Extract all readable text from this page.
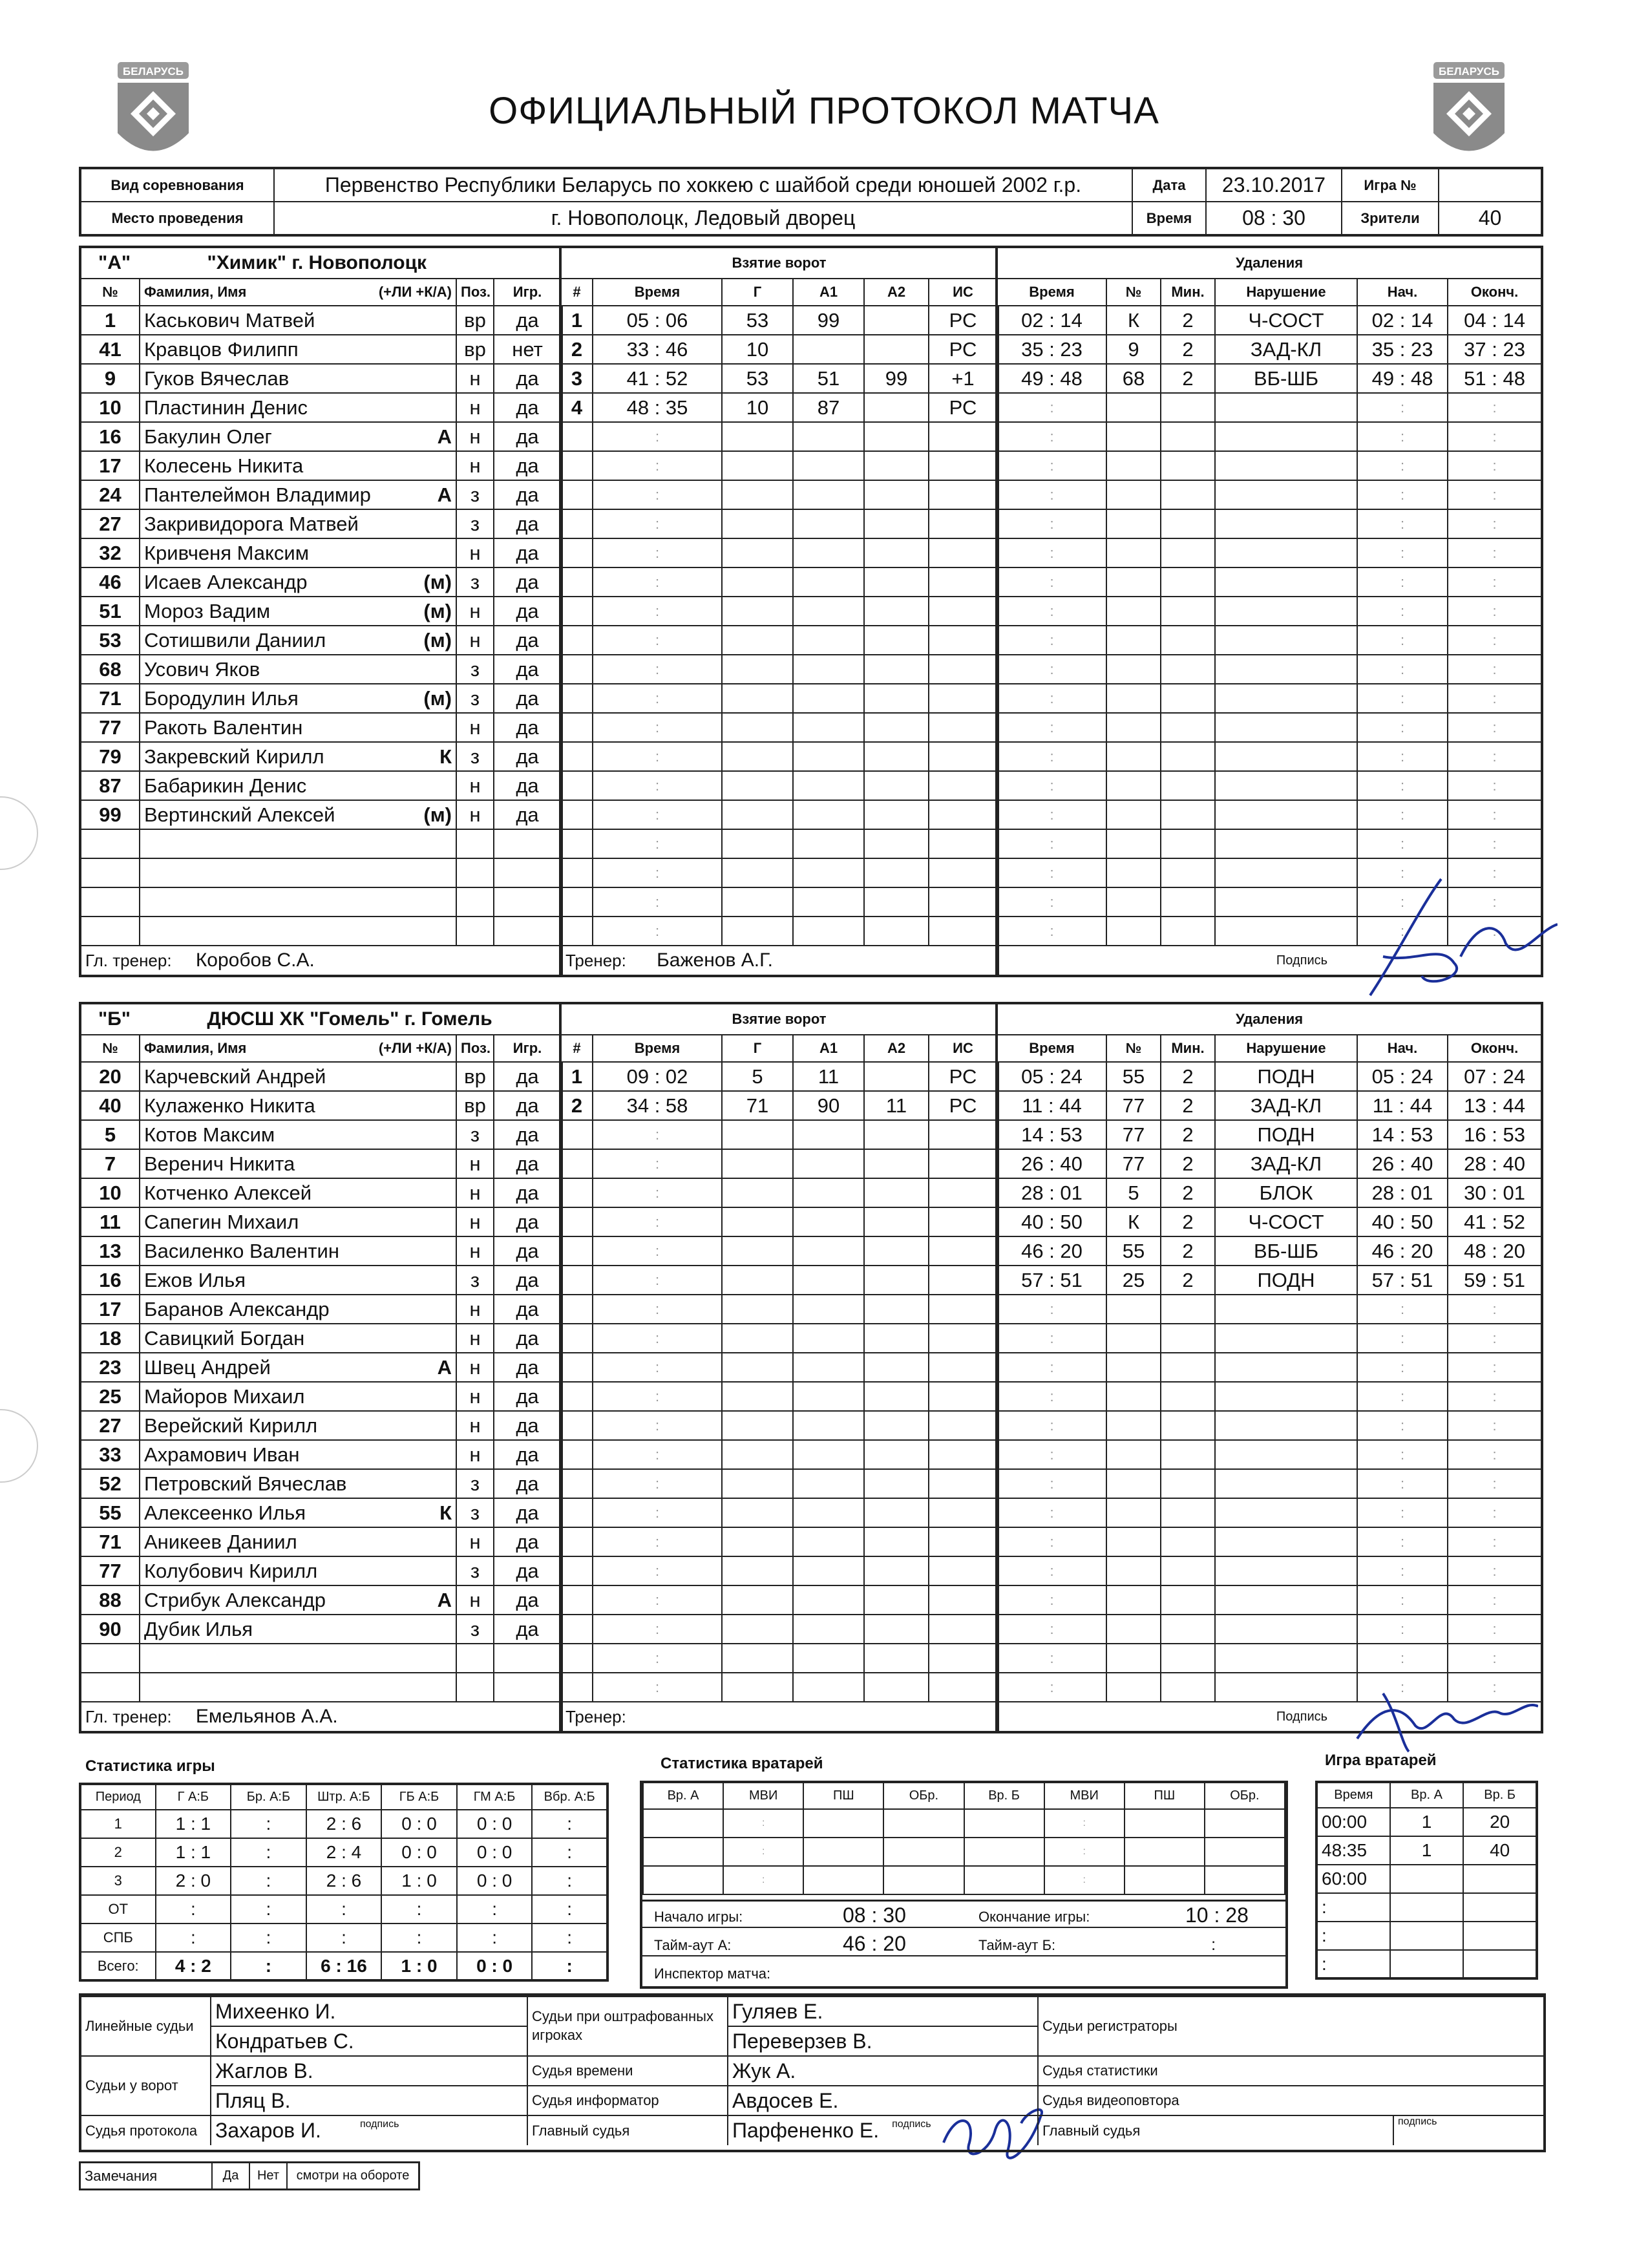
ОФИЦИАЛЬНЫЙ ПРОТОКОЛ МАТЧА
БЕЛАРУСЬ	БЕЛАРУСЬ
Вид соревнования	Первенство Республики Беларусь по хоккею с шайбой среди юношей 2002 г.р.	Дата	23.10.2017	Игра №	
Место проведения	г. Новополоцк, Ледовый дворец	Время	08 : 30	Зрители	40
"А" "Химик" г. Новополоцк			
№	Фамилия, Имя (+ЛИ +К/А)	Поз.	Игр.
1	Каськович Матвей	вр	да
41	Кравцов Филипп	вр	нет
9	Гуков Вячеслав	н	да
10	Пластинин Денис	н	да
16	Бакулин Олег А	н	да
17	Колесень Никита	н	да
24	Пантелеймон Владимир А	з	да
27	Закривидорога Матвей	з	да
32	Кривченя Максим	н	да
46	Исаев Александр (м)	з	да
51	Мороз Вадим (м)	н	да
53	Сотишвили Даниил (м)	н	да
68	Усович Яков	з	да
71	Бородулин Илья (м)	з	да
77	Ракоть Валентин	н	да
79	Закревский Кирилл К	з	да
87	Бабарикин Денис	н	да
99	Вертинский Алексей (м)	н	да

Гл. тренер: Коробов С.А.			
Взятие ворот					
#	Время	Г	А1	А2	ИС
1	05 : 06	53	99		РС
2	33 : 46	10			РС
3	41 : 52	53	51	99	+1
4	48 : 35	10	87		РС
	:				
	:				
	:				
	:				
	:				
	:				
	:				
	:				
	:				
	:				
	:				
	:				
	:				
	:				
	:				
	:				
	:				
	:				
Тренер: Баженов А.Г.					
Удаления					
Время	№	Мин.	Нарушение	Нач.	Оконч.
02 : 14	К	2	Ч-СОСТ	02 : 14	04 : 14
35 : 23	9	2	ЗАД-КЛ	35 : 23	37 : 23
49 : 48	68	2	ВБ-ШБ	49 : 48	51 : 48
:				:	:
:				:	:
:				:	:
:				:	:
:				:	:
:				:	:
:				:	:
:				:	:
:				:	:
:				:	:
:				:	:
:				:	:
:				:	:
:				:	:
:				:	:
:				:	:
:				:	:
:				:	:
:				:	:
Подпись					
"Б" ДЮСШ ХК "Гомель" г. Гомель			
№	Фамилия, Имя (+ЛИ +К/А)	Поз.	Игр.
20	Карчевский Андрей	вр	да
40	Кулаженко Никита	вр	да
5	Котов Максим	з	да
7	Веренич Никита	н	да
10	Котченко Алексей	н	да
11	Сапегин Михаил	н	да
13	Василенко Валентин	н	да
16	Ежов Илья	з	да
17	Баранов Александр	н	да
18	Савицкий Богдан	н	да
23	Швец Андрей А	н	да
25	Майоров Михаил	н	да
27	Верейский Кирилл	н	да
33	Ахрамович Иван	н	да
52	Петровский Вячеслав	з	да
55	Алексеенко Илья К	з	да
71	Аникеев Даниил	н	да
77	Колубович Кирилл	з	да
88	Стрибук Александр А	н	да
90	Дубик Илья	з	да

Гл. тренер: Емельянов А.А.			
Взятие ворот					
#	Время	Г	А1	А2	ИС
1	09 : 02	5	11		РС
2	34 : 58	71	90	11	РС
	:				
	:				
	:				
	:				
	:				
	:				
	:				
	:				
	:				
	:				
	:				
	:				
	:				
	:				
	:				
	:				
	:				
	:				
	:				
	:				
Тренер:					
Удаления					
Время	№	Мин.	Нарушение	Нач.	Оконч.
05 : 24	55	2	ПОДН	05 : 24	07 : 24
11 : 44	77	2	ЗАД-КЛ	11 : 44	13 : 44
14 : 53	77	2	ПОДН	14 : 53	16 : 53
26 : 40	77	2	ЗАД-КЛ	26 : 40	28 : 40
28 : 01	5	2	БЛОК	28 : 01	30 : 01
40 : 50	К	2	Ч-СОСТ	40 : 50	41 : 52
46 : 20	55	2	ВБ-ШБ	46 : 20	48 : 20
57 : 51	25	2	ПОДН	57 : 51	59 : 51
:				:	:
:				:	:
:				:	:
:				:	:
:				:	:
:				:	:
:				:	:
:				:	:
:				:	:
:				:	:
:				:	:
:				:	:
:				:	:
:				:	:
Подпись					
Статистика игры	Статистика вратарей	Игра вратарей
Период	Г А:Б	Бр. А:Б	Штр. А:Б	ГБ А:Б	ГМ А:Б	Вбр. А:Б
1	1 : 1	:	2 : 6	0 : 0	0 : 0	:
2	1 : 1	:	2 : 4	0 : 0	0 : 0	:
3	2 : 0	:	2 : 6	1 : 0	0 : 0	:
ОТ	:	:	:	:	:	:
СПБ	:	:	:	:	:	:
Всего:	4 : 2	:	6 : 16	1 : 0	0 : 0	:
Вр. А	МВИ	ПШ	ОБр.	Вр. Б	МВИ	ПШ	ОБр.
	:				:		
	:				:		
	:				:		
Начало игры:	08 : 30	Окончание игры:	10 : 28
Тайм-аут А:	46 : 20	Тайм-аут Б:	:
Инспектор матча:
Время	Вр. А	Вр. Б
00:00	1	20
48:35	1	40
60:00		
:		
:		
:		
Линейные судьи	Михеенко И.	Судьи при оштрафованных игроках	Гуляев Е.	Судьи регистраторы	
	Кондратьев С.		Переверзев В.		
Судьи у ворот	Жаглов В.	Судья времени	Жук А.	Судья статистики	
	Пляц В.	Судья информатор	Авдосев Е.	Судья видеоповтора	
Судья протокола	Захаров И. $^{подпись}$	Главный судья	Парфененко Е. $^{подпись}$	Главный судья	подпись
Замечания	Да	Нет	смотри на обороте
